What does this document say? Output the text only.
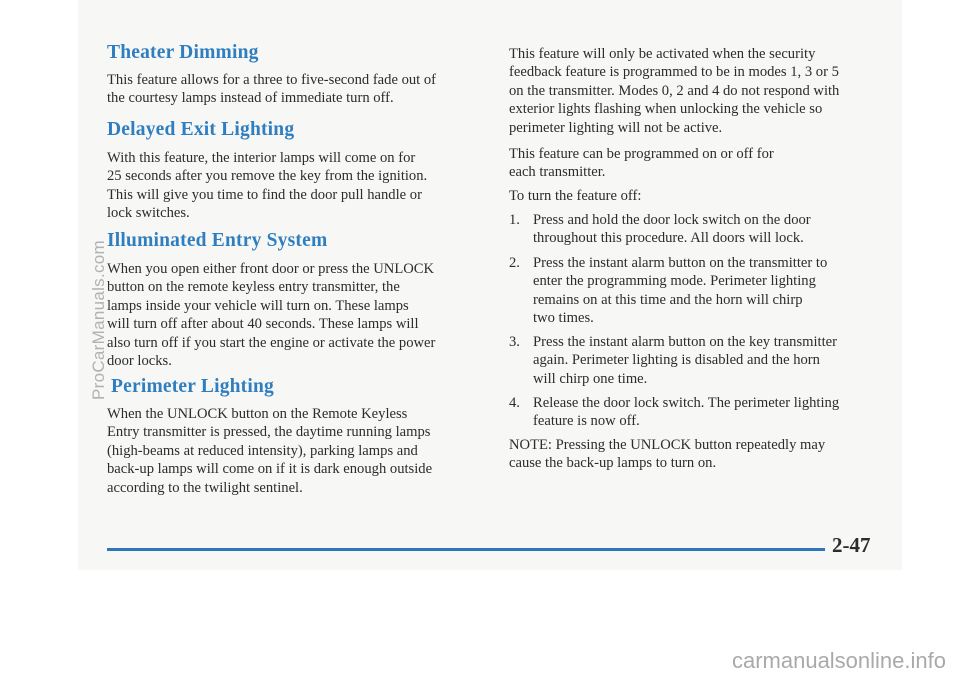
Theater Dimming
This feature allows for a three to five-second fade out of
the courtesy lamps instead of immediate turn off.
Delayed Exit Lighting
With this feature, the interior lamps will come on for
25 seconds after you remove the key from the ignition.
This will give you time to find the door pull handle or
lock switches.
Illuminated Entry System
When you open either front door or press the UNLOCK
button on the remote keyless entry transmitter, the
lamps inside your vehicle will turn on. These lamps
will turn off after about 40 seconds. These lamps will
also turn off if you start the engine or activate the power
door locks.
Perimeter Lighting
When the UNLOCK button on the Remote Keyless
Entry transmitter is pressed, the daytime running lamps
(high-beams at reduced intensity), parking lamps and
back-up lamps will come on if it is dark enough outside
according to the twilight sentinel.
This feature will only be activated when the security
feedback feature is programmed to be in modes 1, 3 or 5
on the transmitter. Modes 0, 2 and 4 do not respond with
exterior lights flashing when unlocking the vehicle so
perimeter lighting will not be active.
This feature can be programmed on or off for
each transmitter.
To turn the feature off:
1. Press and hold the door lock switch on the door
throughout this procedure. All doors will lock.
2. Press the instant alarm button on the transmitter to
enter the programming mode. Perimeter lighting
remains on at this time and the horn will chirp
two times.
3. Press the instant alarm button on the key transmitter
again. Perimeter lighting is disabled and the horn
will chirp one time.
4. Release the door lock switch. The perimeter lighting
feature is now off.
NOTE: Pressing the UNLOCK button repeatedly may
cause the back-up lamps to turn on.
2-47
ProCarManuals.com
carmanualsonline.info
